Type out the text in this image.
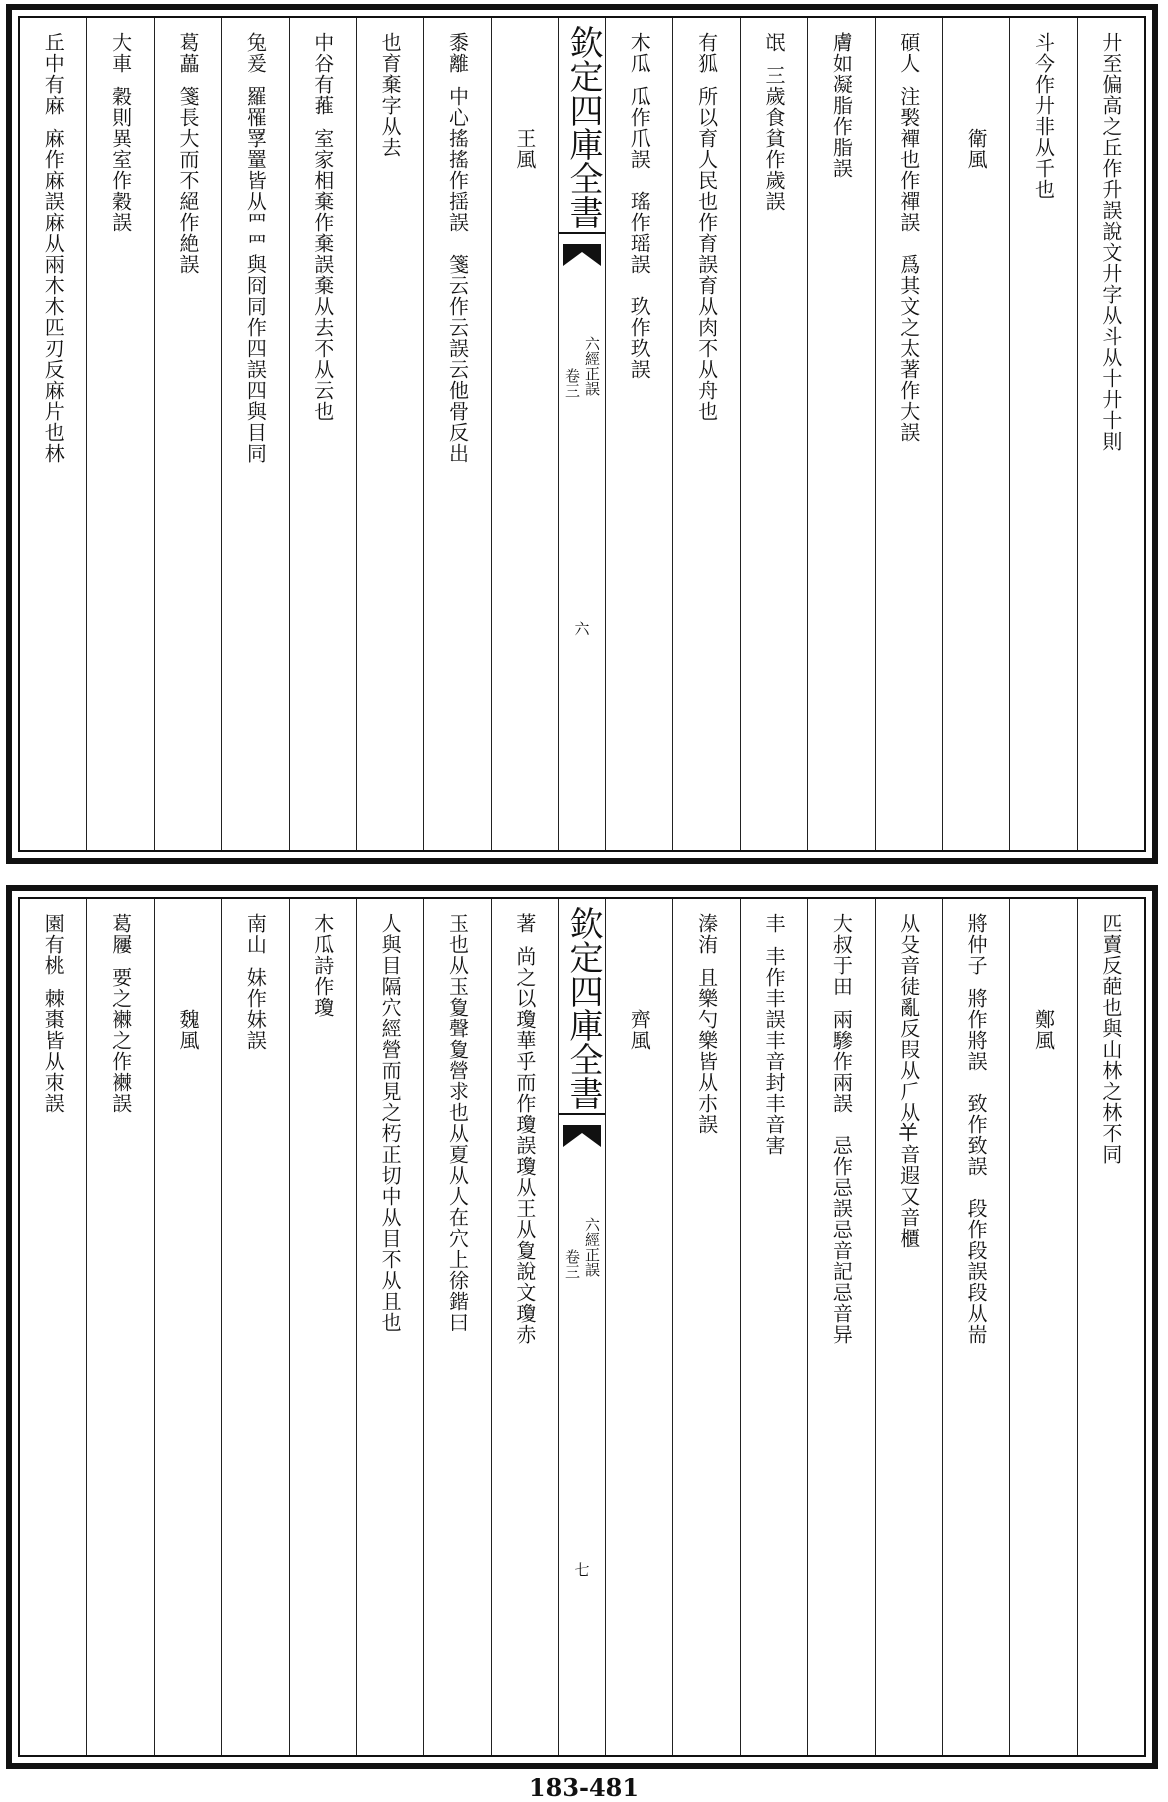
廾至偏高之丘作升誤說文廾字从斗从十廾十則
斗今作廾非从千也
衛風
碩人注褧襌也作禪誤　爲其文之太著作大誤
膚如凝脂作脂誤
氓三歲食貧作歲誤
有狐所以育人民也作育誤育从肉不从舟也
木瓜瓜作爪誤　瑤作瑶誤　玖作玖誤
欽定四庫全書
六經正誤
卷三
六
王風
黍離中心搖搖作揺誤　箋云作云誤云他骨反出
也育棄字从去
中谷有蓷室家相棄作棄誤棄从去不从云也
兔爰羅罹罦罿皆从罒罒與冏同作四誤四與目同
葛藟箋長大而不絕作絶誤
大車穀則異室作穀誤
丘中有麻麻作麻誤麻从兩木木匹刃反麻片也林
匹賣反葩也與山林之林不同
鄭風
將仲子將作將誤　致作致誤　段作段誤段从耑
从殳音徒亂反叚从𠂆从𢆉音遐又音櫃
大叔于田兩驂作兩誤　忌作忌誤忌音記忌音异
丰丰作丰誤丰音封丰音害
溱洧且樂勺樂皆从朩誤
齊風
欽定四庫全書
六經正誤
卷三
七
著尚之以瓊華乎而作瓊誤瓊从王从夐說文瓊赤
玉也从玉夐聲夐營求也从夏从人在穴上徐鍇曰
人與目隔穴經營而見之朽正切中从目不从且也
木瓜詩作瓊
南山妹作妹誤
魏風
葛屨要之襋之作襋誤
園有桃棘棗皆从朿誤
183-481
